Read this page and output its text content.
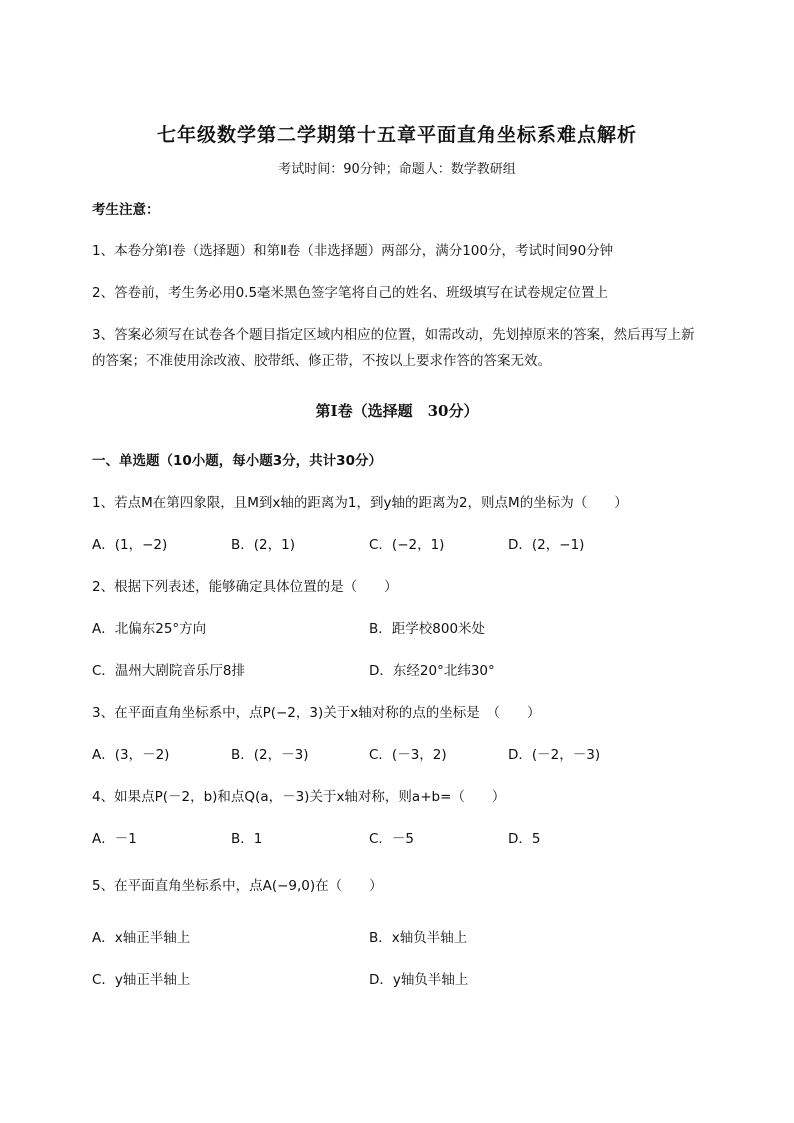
七年级数学第二学期第十五章平面直角坐标系难点解析
考试时间：90分钟；命题人：数学教研组
考生注意：
1、本卷分第Ⅰ卷（选择题）和第Ⅱ卷（非选择题）两部分，满分100分，考试时间90分钟
2、答卷前，考生务必用0.5毫米黑色签字笔将自己的姓名、班级填写在试卷规定位置上
3、答案必须写在试卷各个题目指定区域内相应的位置，如需改动，先划掉原来的答案，然后再写上新
的答案；不准使用涂改液、胶带纸、修正带，不按以上要求作答的答案无效。
第Ⅰ卷（选择题　30分）
一、单选题（10小题，每小题3分，共计30分）
1、若点M在第四象限，且M到x轴的距离为1，到y轴的距离为2，则点M的坐标为（　　）
A．(1，−2)	B．(2，1)	C．(−2，1)	D．(2，−1)
2、根据下列表述，能够确定具体位置的是（　　）
A．北偏东25°方向	B．距学校800米处
C．温州大剧院音乐厅8排	D．东经20°北纬30°
3、在平面直角坐标系中，点P(−2，3)关于x轴对称的点的坐标是　（　　）
A．(3，－2)	B．(2，－3)	C．(－3，2)	D．(－2，－3)
4、如果点P(－2，b)和点Q(a，－3)关于x轴对称，则a+b=（　　）
A．－1	B．1	C．－5	D．5
5、在平面直角坐标系中，点A(−9,0)在（　　）
A．x轴正半轴上	B．x轴负半轴上
C．y轴正半轴上	D．y轴负半轴上
